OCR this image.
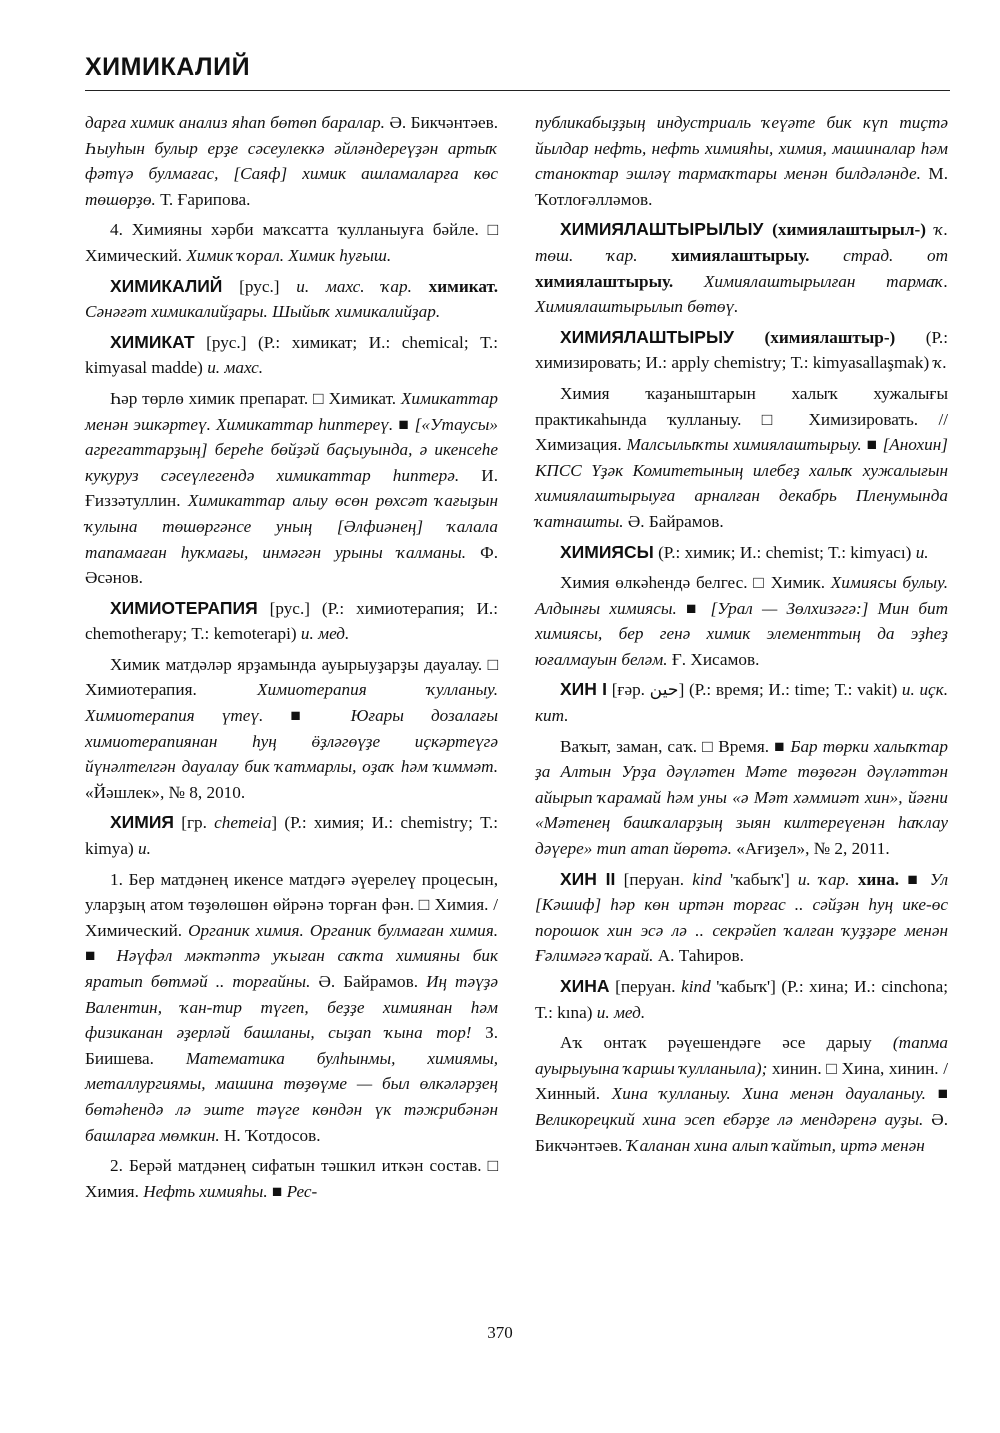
ХИМИКАЛИЙ

дарға химик анализ яһап бөтөп баралар. Ә. Бикчәнтәев. Һыуһын булыр ерҙе сәсеулеккә әйләндереүҙән артыҡ фәтүә булмағас, [Саяф] химик ашламаларға көс төшөрҙө. Т. Ғарипова.

4. Химияны хәрби маҡсатта ҡулланыуға бәйле. □ Химический. Химик ҡорал. Химик һуғыш.

ХИМИКАЛИЙ [рус.] и. махс. ҡар. химикат. Сәнәғәт химикалийҙары. Шыйыҡ химикалийҙар.

ХИМИКАТ [рус.] (Р.: химикат; И.: chemical; Т.: kimyasal madde) и. махс.

Һәр төрлө химик препарат. □ Химикат. Химикаттар менән эшкәртеү. Химикаттар һиптереү. ■ [«Утаусы» агрегаттарҙың] береһе бөйҙәй баҫыуында, ә икенсеһе кукуруз сәсеүлегендә химикаттар һиптерә. И. Ғиззәтуллин. Химикаттар алыу өсөн рөхсәт ҡағыҙын ҡулына төшөргәнсе уның [Әлфиәнең] ҡалала тапамаған һуҡмағы, инмәгән урыны ҡалманы. Ф. Әсәнов.

ХИМИОТЕРАПИЯ [рус.] (Р.: химиотерапия; И.: chemotherapy; Т.: kemoterapi) и. мед.

Химик матдәләр ярҙамында ауырыуҙарҙы дауалау. □ Химиотерапия.	Химиотерапия ҡулланыу. Химиотерапия үтеү. ■ Юғары дозалағы химиотерапиянан һуң ӫҙләгөүҙе иҫкәртеүгә йүнәлтелгән дауалау бик ҡатмарлы, оҙаҡ һәм ҡиммәт. «Йәшлек», № 8, 2010.

ХИМИЯ [гр. chemeia] (Р.: химия; И.: chemistry; Т.: kimya) и.

1. Бер матдәнең икенсе матдәгә әүерелеү процесын, уларҙың атом төҙөлөшөн өйрәнә торған фән. □ Химия. / Химический. Органик химия. Органик булмаған химия. ■ Нәүфәл мәктәптә уҡыған саҡта химияны бик яратып бөтмәй .. торғайны. Ә. Байрамов. Иң тәүҙә Валентин, ҡан-тир түгеп, беҙҙе химиянан һәм физиканан әҙерләй башланы, сыҙап ҡына тор! З. Биишева. Математика булһынмы, химиямы, металлургиямы, машина төҙөүме — был өлкәләрҙең бөтәһендә лә эште тәүге көндән үк тәжрибәнән башларға мөмкин. Н. Ҡотдосов.

2. Берәй матдәнең сифатын тәшкил иткән состав. □ Химия. Нефть химияһы. ■ Рес-

публикабыҙҙың индустриаль ҡеүәте бик күп тиҫтә йылдар нефть, нефть химияһы, химия, машиналар һәм станоктар эшләү тармаҡтары менән билдәләнде. М. Ҡотлоғәлләмов.

ХИМИЯЛАШТЫРЫЛЫУ (химиялаштырыл-) ҡ. төш. ҡар. химиялаштырыу. страд. от химиялаштырыу. Химиялаштырылған тармаҡ. Химиялаштырылып бөтөү.

ХИМИЯЛАШТЫРЫУ (химиялаштыр-) (Р.: химизировать; И.: apply chemistry; Т.: kimyasallaşmak) ҡ.

Химия ҡаҙаныштарын халыҡ хужалығы практикаһында ҡулланыу. □ Химизировать. // Химизация. Малсылыҡты химиялаштырыу. ■ [Анохин] КПСС Үҙәк Комитетының илебеҙ халыҡ хужалығын химиялаштырыуға арналған декабрь Пленумында ҡатнашты. Ә. Байрамов.

ХИМИЯСЫ (Р.: химик; И.: chemist; Т.: kimyacı) и.

Химия өлкәһендә белгес. □ Химик. Химиясы булыу. Алдынғы химиясы. ■ [Урал — Зөлхизәгә:] Мин бит химиясы, бер генә химик элементтың да эҙһеҙ юғалмауын беләм. Ғ. Хисамов.

ХИН I [ғәр. حين] (Р.: время; И.: time; Т.: vakit) и. иҫк. кит.

Ваҡыт, заман, саҡ. □ Время. ■ Бар төрки халыҡтар ҙа Алтын Урҙа дәүләтен Мәте төҙөгән дәүләттән айырып ҡарамай һәм уны «ә Мәт хәммиәт хин», йәғни «Мәтенең башҡаларҙың зыян килтереүенән һаҡлау дәүере» тип атап йөрөтә. «Ағиҙел», № 2, 2011.

ХИН II [перуан. kind 'ҡабыҡ'] и. ҡар. хина. ■ Ул [Кәшиф] һәр көн иртән торғас .. сәйҙән һуң ике-өс порошок хин эсә лә .. секрәйеп ҡалған ҡуҙҙәре менән Ғәлимәгә ҡарай. А. Таһиров.

ХИНА [перуан. kind 'ҡабыҡ'] (Р.: хина; И.: cinchona; Т.: kına) и. мед.

Аҡ онтаҡ рәүешендәге әсе дарыу (тапма ауырыуына ҡаршы ҡулланыла); хинин. □ Хина, хинин. / Хинный. Хина ҡулланыу. Хина менән дауаланыу. ■ Великорецкий хина эсеп ебәрҙе лә мендәренә ауҙы. Ә. Бикчәнтәев. Ҡаланан хина алып ҡайтып, иртә менән

370
